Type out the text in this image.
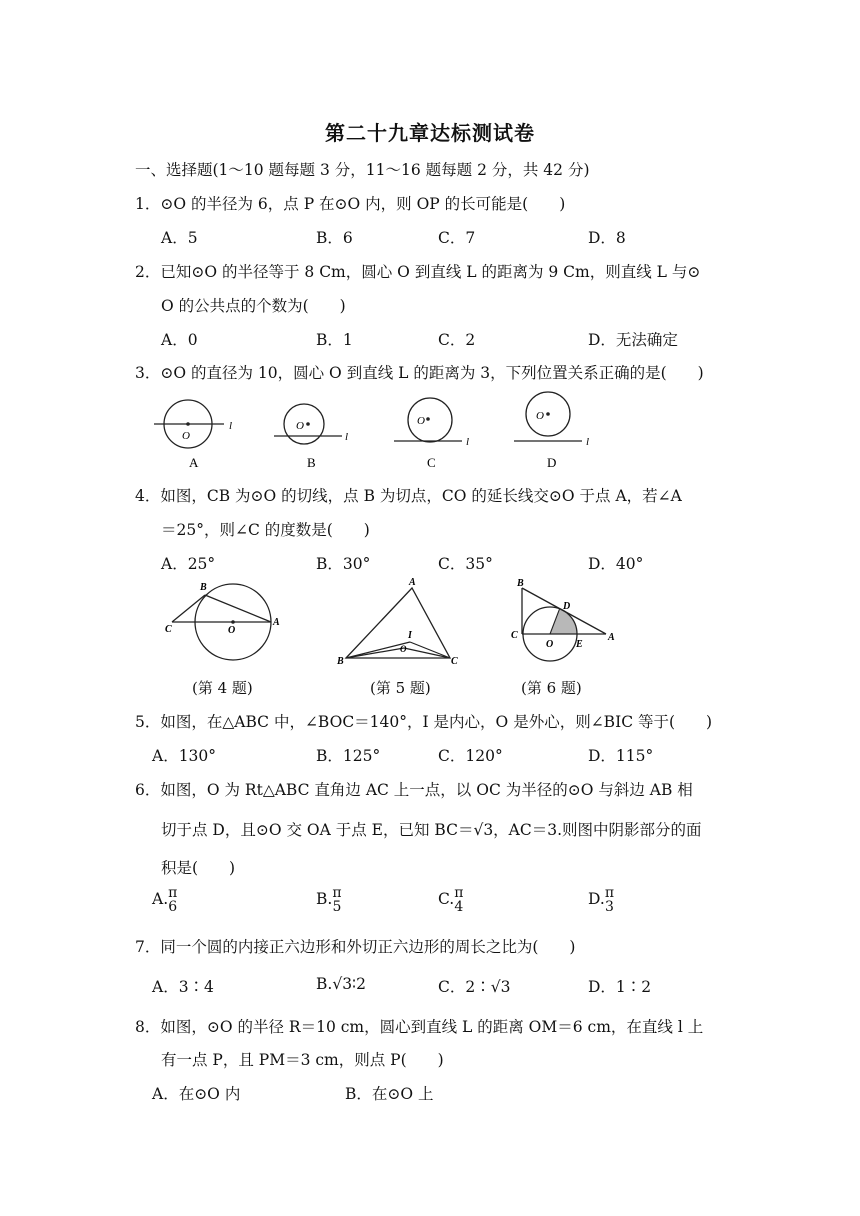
第二十九章达标测试卷
一、选择题(1～10 题每题 3 分，11～16 题每题 2 分，共 42 分)
1．⊙O 的半径为 6，点 P 在⊙O 内，则 OP 的长可能是(　　)
A．5	B．6	C．7	D．8
2．已知⊙O 的半径等于 8 Cm，圆心 O 到直线 L 的距离为 9 Cm，则直线 L 与⊙
O 的公共点的个数为(　　)
A．0	B．1	C．2	D．无法确定
3．⊙O 的直径为 10，圆心 O 到直线 L 的距离为 3，下列位置关系正确的是(　　)
O
l
A
O
l
B
O
l
C
O
l
D
4．如图，CB 为⊙O 的切线，点 B 为切点，CO 的延长线交⊙O 于点 A，若∠A
＝25°，则∠C 的度数是(　　)
A．25°	B．30°	C．35°	D．40°
B
C	O
A
A
I
O
B	C
B
D
C	A
O E
(第 4 题)	(第 5 题)	(第 6 题)
5．如图，在△ABC 中，∠BOC＝140°，I 是内心，O 是外心，则∠BIC 等于(　　)
A．130°	B．125°	C．120°	D．115°
6．如图，O 为 Rt△ABC 直角边 AC 上一点，以 OC 为半径的⊙O 与斜边 AB 相
切于点 D，且⊙O 交 OA 于点 E，已知 BC＝√3，AC＝3.则图中阴影部分的面
积是(　　)
A. π
6	B. π
5	C. π
4	D. π
3
7．同一个圆的内接正六边形和外切正六边形的周长之比为(　　)
A．3∶4	B.√3∶2	C．2∶√3	D．1∶2
8．如图，⊙O 的半径 R＝10 cm，圆心到直线 L 的距离 OM＝6 cm，在直线 l 上
有一点 P，且 PM＝3 cm，则点 P(　　)
A．在⊙O 内	B．在⊙O 上
